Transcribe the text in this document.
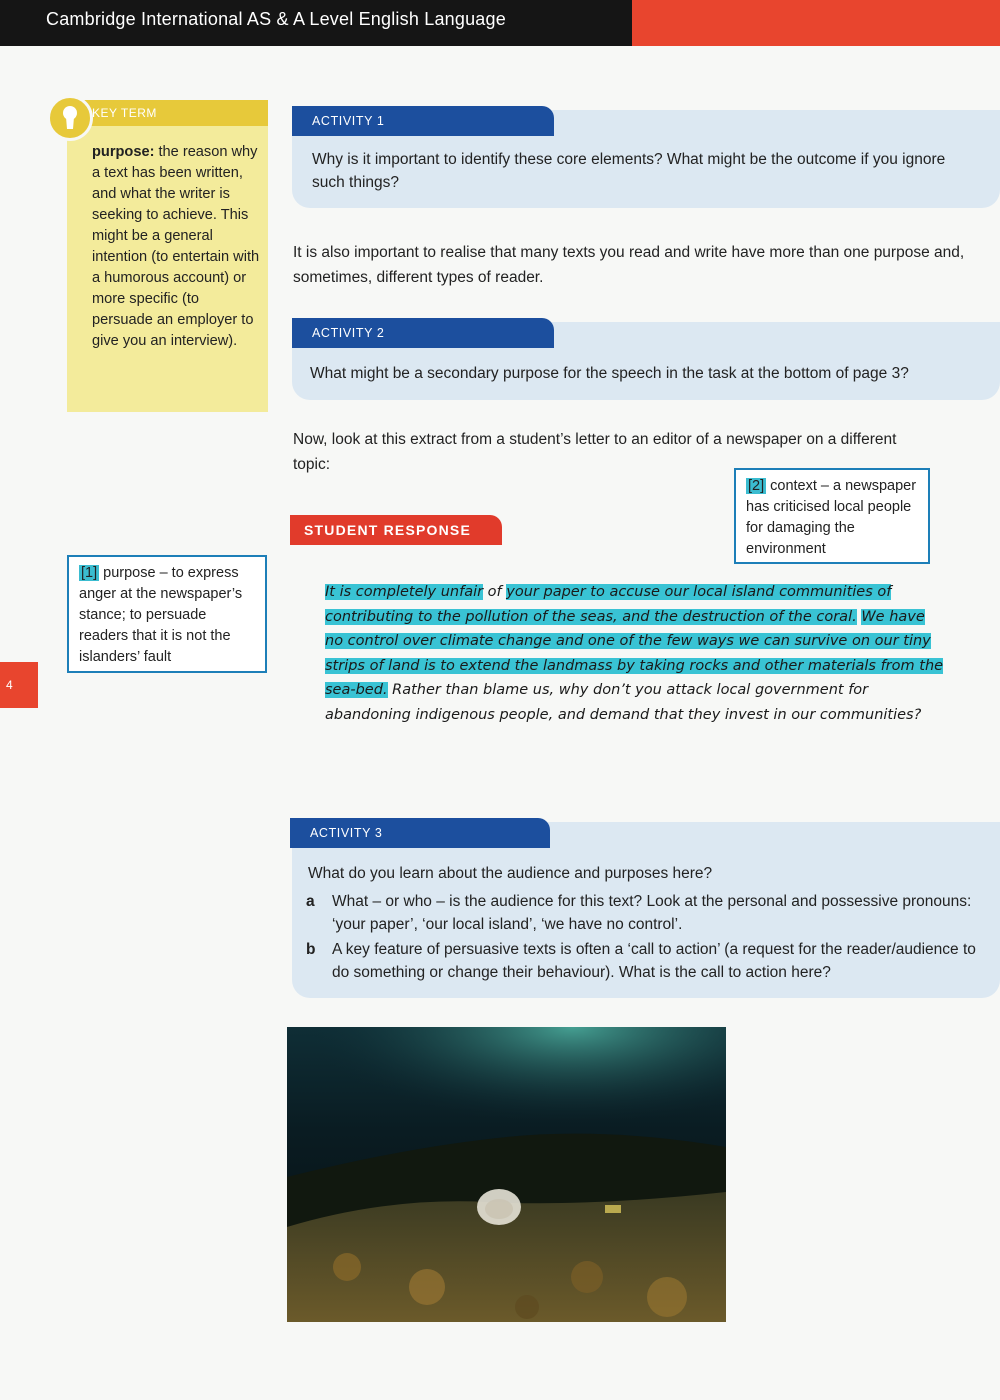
Cambridge International AS & A Level English Language
KEY TERM
purpose: the reason why a text has been written, and what the writer is seeking to achieve. This might be a general intention (to entertain with a humorous account) or more specific (to persuade an employer to give you an interview).
ACTIVITY 1
Why is it important to identify these core elements? What might be the outcome if you ignore such things?
It is also important to realise that many texts you read and write have more than one purpose and, sometimes, different types of reader.
ACTIVITY 2
What might be a secondary purpose for the speech in the task at the bottom of page 3?
Now, look at this extract from a student’s letter to an editor of a newspaper on a different topic:
[2] context – a newspaper has criticised local people for damaging the environment
STUDENT RESPONSE
[1] purpose – to express anger at the newspaper’s stance; to persuade readers that it is not the islanders’ fault
It is completely unfair of your paper to accuse our local island communities of contributing to the pollution of the seas, and the destruction of the coral. We have no control over climate change and one of the few ways we can survive on our tiny strips of land is to extend the landmass by taking rocks and other materials from the sea-bed. Rather than blame us, why don’t you attack local government for abandoning indigenous people, and demand that they invest in our communities?
4
ACTIVITY 3
What do you learn about the audience and purposes here?
a	What – or who – is the audience for this text? Look at the personal and possessive pronouns: ‘your paper’, ‘our local island’, ‘we have no control’.
b A key feature of persuasive texts is often a ‘call to action’ (a request for the reader/audience to do something or change their behaviour). What is the call to action here?
